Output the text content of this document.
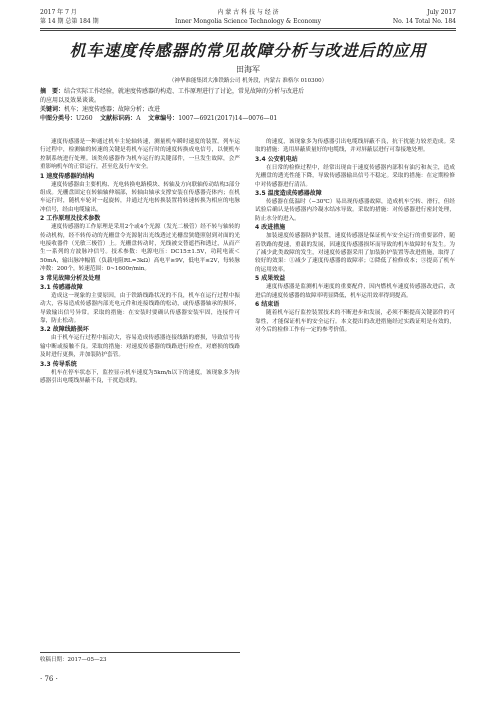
2017 年 7 月
第 14 期 总第 184 期
内 蒙 古 科 技 与 经 济
Inner Mongolia Science Technology & Economy
July 2017
No. 14 Total No. 184
机车速度传感器的常见故障分析与改进后的应用
田海军
（神华准能集团大准铁路公司 机务段，内蒙古 准格尔 010300）
摘　要：结合实际工作经验，就速度传感器的构造、工作原理进行了讨论，常见故障的分析与改进后
的应用以及效果谈谈。
关键词：机车；速度传感器；故障分析；改进
中图分类号：U260 文献标识码：A 文章编号：1007—6921(2017)14—0076—01

速度传感器是一种通过机车主轮轴转速，测量机车瞬时速度的装置。列车运行过程中，检测轴的转速的关键是将机车运行时的速度转换成电信号，以便机车控制系统进行处理。该类传感器作为机车运行的关键部件，一旦发生故障，会严重影响机车的正常运行，甚至危及行车安全。

1 速度传感器的结构

速度传感器由主要机构、光电转换电路模块、转轴及方向联轴传动结构3部分组成。光栅盘固定在转轴轴伸端部，转轴由轴承支撑安装在传感器壳体内；在机车运行时，随机车轮对一起旋转，并通过光电转换装置将转速转换为相应的电脉冲信号，经由电缆输出。

2 工作原理及技术参数

速度传感器的工作原理是采用2个或4个光源（发光二极管）经不转与轴转的传动机构，经不转传动的光栅盘令光源射出光线透过光栅盘狭缝照射到对面的光电接收器件（光敏三极管）上。光栅盘转动时，光线被交替遮挡和透过，从而产生一系列的方波脉冲信号。技术参数：电源电压：DC15±1.5V，功耗电流＜50mA，输出脉冲幅值（负载电阻RL=3kΩ）高电平≥9V，低电平≤2V，每转脉冲数：200个，转速范围：0~1600r/min。

3 常见故障分析及处理
3.1 传感器故障

造成这一现象的主要原因，由于铁路线路状况的不良，机车在运行过程中振动大，容易造成传感器内部光电元件和连接线路的松动，或传感器轴承的损坏，导致输出信号异常。采取的措施：在安装时要确认传感器安装牢固，连接件可靠，防止松动。

3.2 故障线路损坏

由于机车运行过程中振动大，容易造成传感器连接线路的磨损，导致信号传输中断或接触不良。采取的措施：对速度传感器的线路进行检查，对磨损的线路及时进行更换，并加装防护套管。

3.3 传导系统

机车在停车状态下，监控显示机车速度为5km/h以下的速度，该现象多为传感器引出电缆线屏蔽不良，干扰造成的。

的速度，该现象多为传感器引出电缆线屏蔽不良，抗干扰能力较差造成。采取的措施：选用屏蔽质量好的电缆线，并对屏蔽层进行可靠接地处理。

3.4 公安机电站

在日常的检修过程中，经常出现由于速度传感器内部积有油污和灰尘，造成光栅盘的透光性能下降，导致传感器输出信号不稳定。采取的措施：在定期检修中对传感器进行清洁。

3.5 温度造成传感器故障

传感器在低温时（−30℃）易出现传感器故障，造成机车空转、滑行，但经试验后确认是传感器内冷凝水结冰导致。采取的措施：对传感器进行密封处理，防止水分的进入。

4 改进措施

加装速度传感器防护装置，速度传感器是保证机车安全运行的重要部件，随着铁路的提速，重载的发展，因速度传感器损坏而导致的机车故障时有发生。为了减少此类故障的发生，对速度传感器采用了加装防护装置等改进措施，取得了较好的效果：①减少了速度传感器的故障率；②降低了检修成本；③提高了机车的运用效率。

5 成果效益

速度传感器是监测机车速度的重要配件，因内燃机车速度传感器改进后，改进后的速度传感器的故障率明显降低，机车运用效率得到提高。

6 结束语

随着机车运行监控装置技术的不断进步和发展，必须不断提高关键部件的可靠性，才能保证机车的安全运行。本文提出的改进措施经过实践证明是有效的，对今后的检修工作有一定的参考价值。

收稿日期：2017—05—23
· 76 ·
